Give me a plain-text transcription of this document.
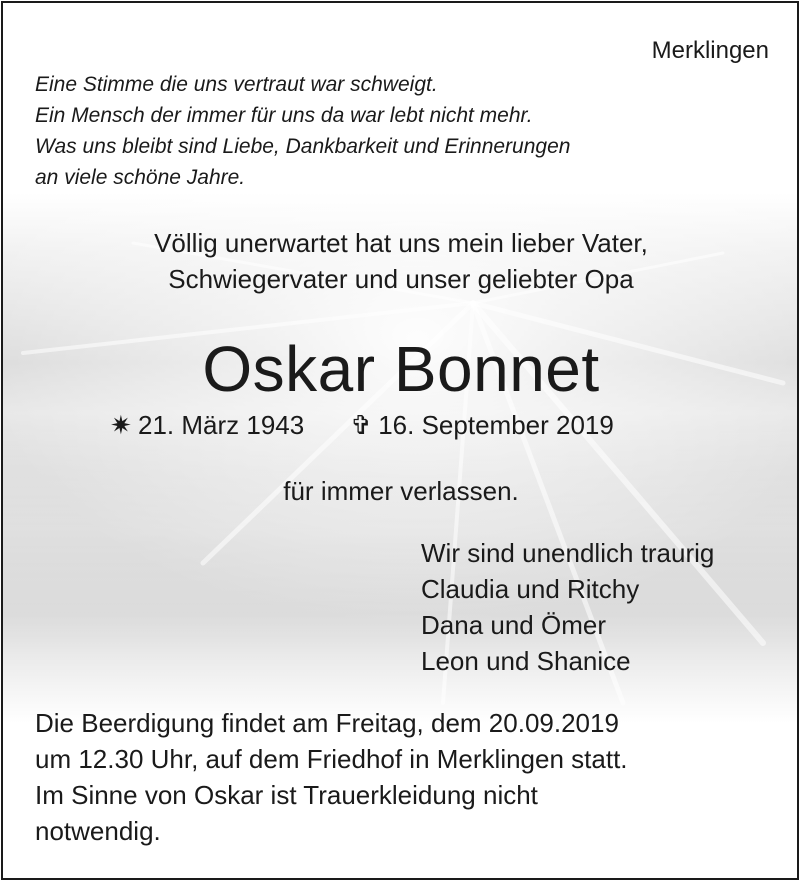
Merklingen
Eine Stimme die uns vertraut war schweigt.
Ein Mensch der immer für uns da war lebt nicht mehr.
Was uns bleibt sind Liebe, Dankbarkeit und Erinnerungen
an viele schöne Jahre.
Völlig unerwartet hat uns mein lieber Vater,
Schwiegervater und unser geliebter Opa
Oskar Bonnet
✷ 21. März 1943 ✞ 16. September 2019
für immer verlassen.
Wir sind unendlich traurig
Claudia und Ritchy
Dana und Ömer
Leon und Shanice
Die Beerdigung findet am Freitag, dem 20.09.2019
um 12.30 Uhr, auf dem Friedhof in Merklingen statt.
Im Sinne von Oskar ist Trauerkleidung nicht
notwendig.
